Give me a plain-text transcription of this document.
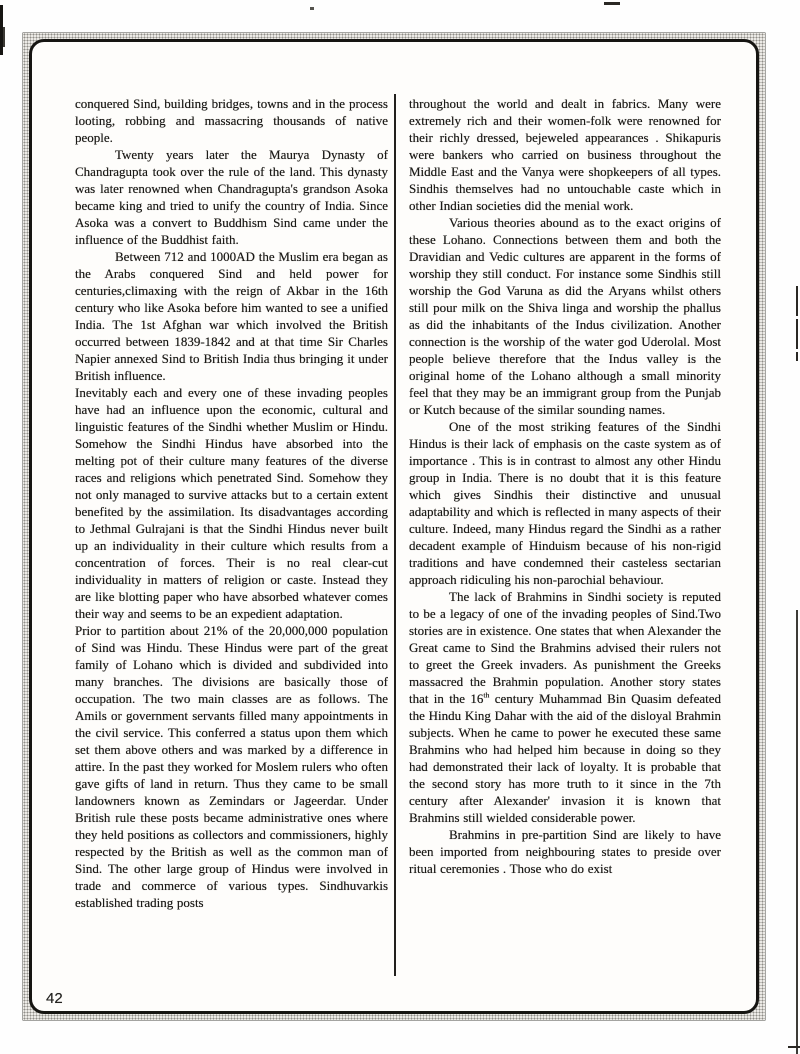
conquered Sind, building bridges, towns and in the process looting, robbing and massacring thousands of native people.

Twenty years later the Maurya Dynasty of Chandragupta took over the rule of the land. This dynasty was later renowned when Chandragupta's grandson Asoka became king and tried to unify the country of India. Since Asoka was a convert to Buddhism Sind came under the influence of the Buddhist faith.

Between 712 and 1000AD the Muslim era began as the Arabs conquered Sind and held power for centuries,climaxing with the reign of Akbar in the 16th century who like Asoka before him wanted to see a unified India. The 1st Afghan war which involved the British occurred between 1839-1842 and at that time Sir Charles Napier annexed Sind to British India thus bringing it under British influence.

Inevitably each and every one of these invading peoples have had an influence upon the economic, cultural and linguistic features of the Sindhi whether Muslim or Hindu. Somehow the Sindhi Hindus have absorbed into the melting pot of their culture many features of the diverse races and religions which penetrated Sind. Somehow they not only managed to survive attacks but to a certain extent benefited by the assimilation. Its disadvantages according to Jethmal Gulrajani is that the Sindhi Hindus never built up an individuality in their culture which results from a concentration of forces. Their is no real clear-cut individuality in matters of religion or caste. Instead they are like blotting paper who have absorbed whatever comes their way and seems to be an expedient adaptation.

Prior to partition about 21% of the 20,000,000 population of Sind was Hindu. These Hindus were part of the great family of Lohano which is divided and subdivided into many branches. The divisions are basically those of occupation. The two main classes are as follows. The Amils or government servants filled many appointments in the civil service. This conferred a status upon them which set them above others and was marked by a difference in attire. In the past they worked for Moslem rulers who often gave gifts of land in return. Thus they came to be small landowners known as Zemindars or Jageerdar. Under British rule these posts became administrative ones where they held positions as collectors and commissioners, highly respected by the British as well as the common man of Sind. The other large group of Hindus were involved in trade and commerce of various types. Sindhuvarkis established trading posts

throughout the world and dealt in fabrics. Many were extremely rich and their women-folk were renowned for their richly dressed, bejeweled appearances . Shikapuris were bankers who carried on business throughout the Middle East and the Vanya were shopkeepers of all types. Sindhis themselves had no untouchable caste which in other Indian societies did the menial work.

Various theories abound as to the exact origins of these Lohano. Connections between them and both the Dravidian and Vedic cultures are apparent in the forms of worship they still conduct. For instance some Sindhis still worship the God Varuna as did the Aryans whilst others still pour milk on the Shiva linga and worship the phallus as did the inhabitants of the Indus civilization. Another connection is the worship of the water god Uderolal. Most people believe therefore that the Indus valley is the original home of the Lohano although a small minority feel that they may be an immigrant group from the Punjab or Kutch because of the similar sounding names.

One of the most striking features of the Sindhi Hindus is their lack of emphasis on the caste system as of importance . This is in contrast to almost any other Hindu group in India. There is no doubt that it is this feature which gives Sindhis their distinctive and unusual adaptability and which is reflected in many aspects of their culture. Indeed, many Hindus regard the Sindhi as a rather decadent example of Hinduism because of his non-rigid traditions and have condemned their casteless sectarian approach ridiculing his non-parochial behaviour.

The lack of Brahmins in Sindhi society is reputed to be a legacy of one of the invading peoples of Sind.Two stories are in existence. One states that when Alexander the Great came to Sind the Brahmins advised their rulers not to greet the Greek invaders. As punishment the Greeks massacred the Brahmin population. Another story states that in the 16th century Muhammad Bin Quasim defeated the Hindu King Dahar with the aid of the disloyal Brahmin subjects. When he came to power he executed these same Brahmins who had helped him because in doing so they had demonstrated their lack of loyalty. It is probable that the second story has more truth to it since in the 7th century after Alexander' invasion it is known that Brahmins still wielded considerable power.

Brahmins in pre-partition Sind are likely to have been imported from neighbouring states to preside over ritual ceremonies . Those who do exist

42
